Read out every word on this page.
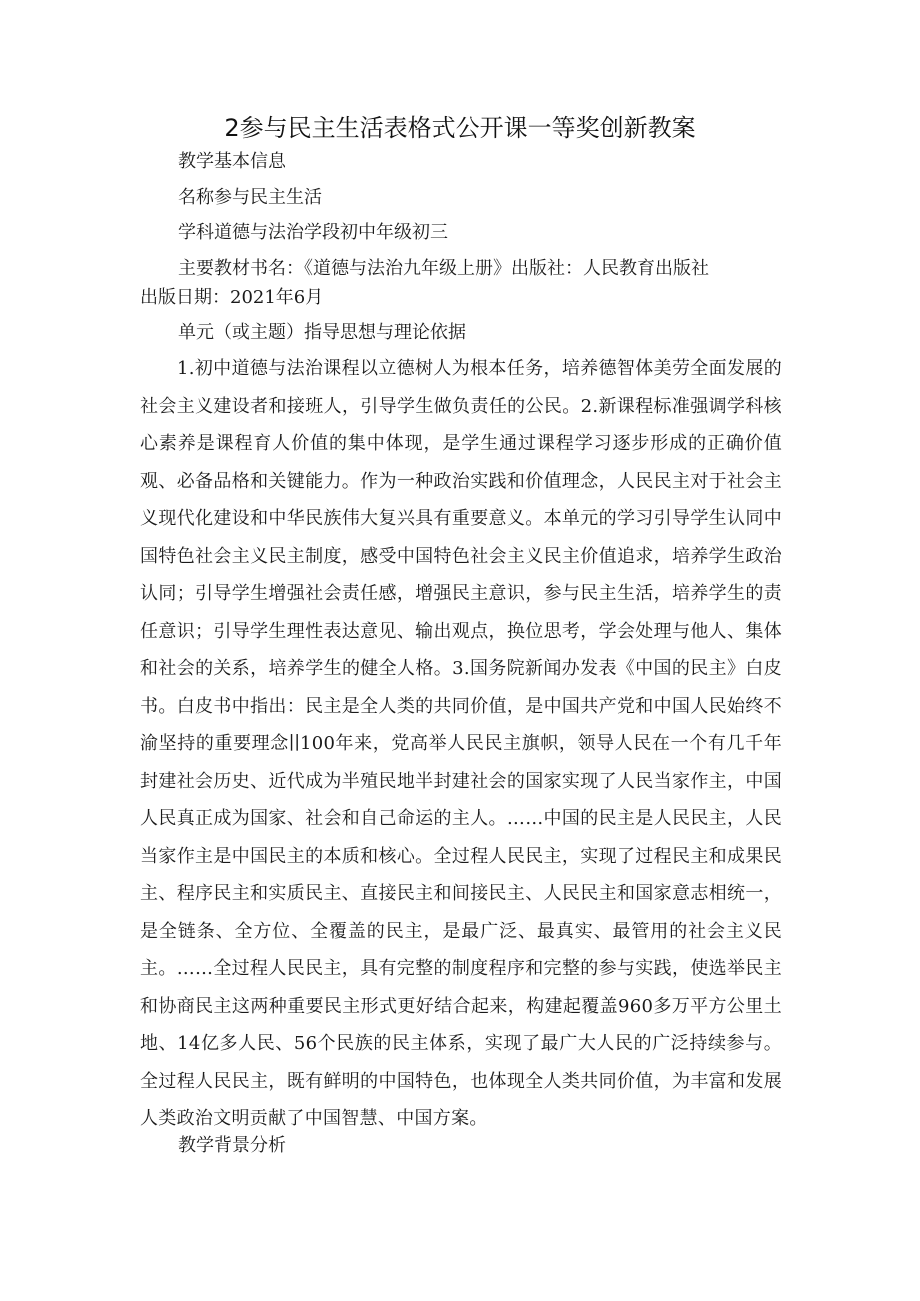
2参与民主生活表格式公开课一等奖创新教案

教学基本信息

名称参与民主生活

学科道德与法治学段初中年级初三

主要教材书名：《道德与法治九年级上册》出版社：人民教育出版社

出版日期：2021年6月

单元（或主题）指导思想与理论依据

1.初中道德与法治课程以立德树人为根本任务，培养德智体美劳全面发展的社会主义建设者和接班人，引导学生做负责任的公民。2.新课程标准强调学科核心素养是课程育人价值的集中体现，是学生通过课程学习逐步形成的正确价值观、必备品格和关键能力。作为一种政治实践和价值理念，人民民主对于社会主义现代化建设和中华民族伟大复兴具有重要意义。本单元的学习引导学生认同中国特色社会主义民主制度，感受中国特色社会主义民主价值追求，培养学生政治认同；引导学生增强社会责任感，增强民主意识，参与民主生活，培养学生的责任意识；引导学生理性表达意见、输出观点，换位思考，学会处理与他人、集体和社会的关系，培养学生的健全人格。3.国务院新闻办发表《中国的民主》白皮书。白皮书中指出：民主是全人类的共同价值，是中国共产党和中国人民始终不渝坚持的重要理念∣∣100年来，党高举人民民主旗帜，领导人民在一个有几千年封建社会历史、近代成为半殖民地半封建社会的国家实现了人民当家作主，中国人民真正成为国家、社会和自己命运的主人。……中国的民主是人民民主，人民当家作主是中国民主的本质和核心。全过程人民民主，实现了过程民主和成果民主、程序民主和实质民主、直接民主和间接民主、人民民主和国家意志相统一，是全链条、全方位、全覆盖的民主，是最广泛、最真实、最管用的社会主义民主。……全过程人民民主，具有完整的制度程序和完整的参与实践，使选举民主和协商民主这两种重要民主形式更好结合起来，构建起覆盖960多万平方公里土地、14亿多人民、56个民族的民主体系，实现了最广大人民的广泛持续参与。全过程人民民主，既有鲜明的中国特色，也体现全人类共同价值，为丰富和发展人类政治文明贡献了中国智慧、中国方案。

教学背景分析
